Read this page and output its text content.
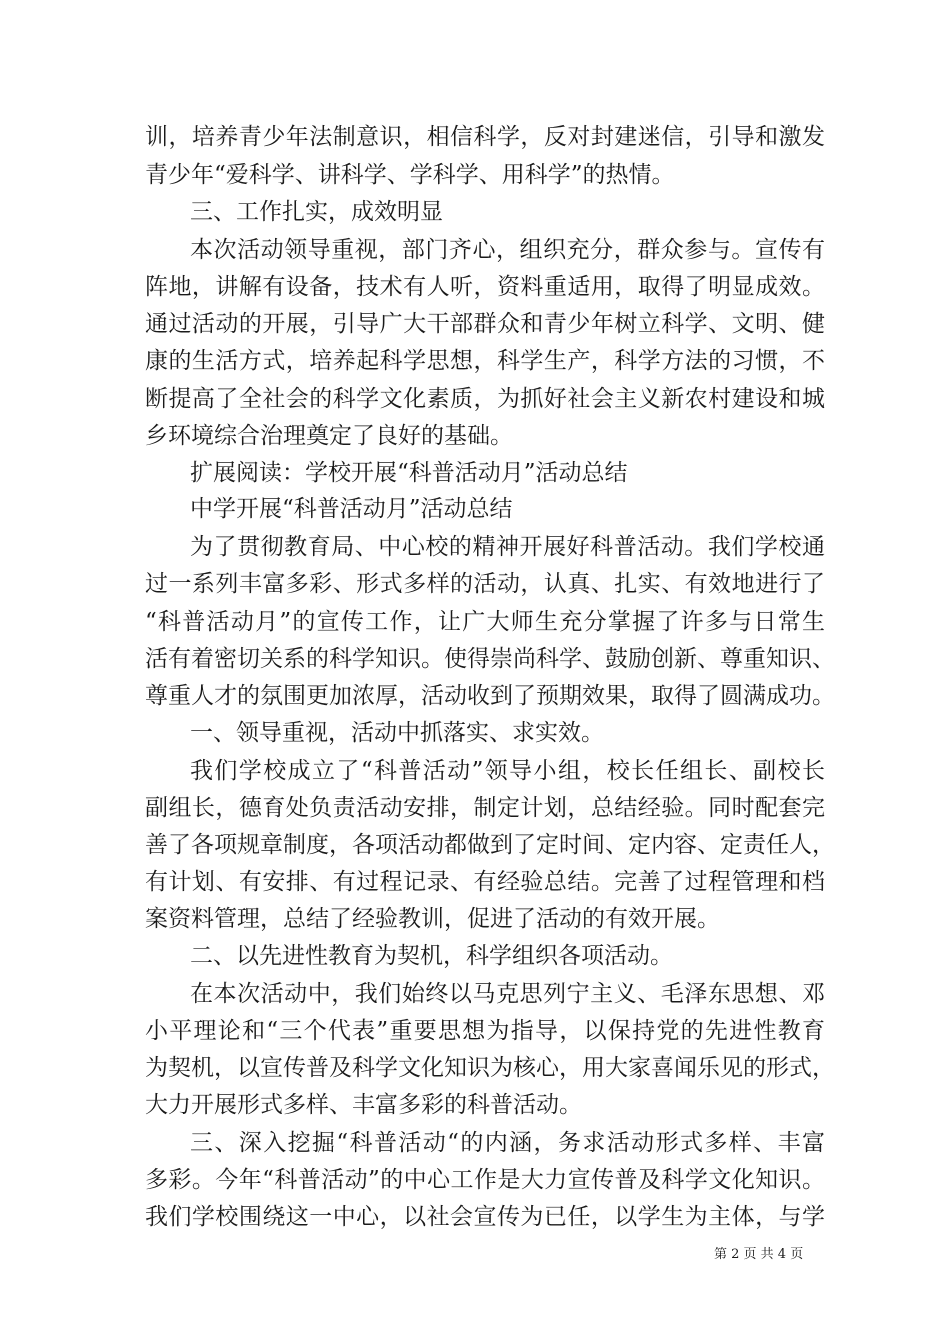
训，培养青少年法制意识，相信科学，反对封建迷信，引导和激发
青少年“爱科学、讲科学、学科学、用科学”的热情。
三、工作扎实，成效明显
本次活动领导重视，部门齐心，组织充分，群众参与。宣传有
阵地，讲解有设备，技术有人听，资料重适用，取得了明显成效。
通过活动的开展，引导广大干部群众和青少年树立科学、文明、健
康的生活方式，培养起科学思想，科学生产，科学方法的习惯，不
断提高了全社会的科学文化素质，为抓好社会主义新农村建设和城
乡环境综合治理奠定了良好的基础。
扩展阅读：学校开展“科普活动月”活动总结
中学开展“科普活动月”活动总结
为了贯彻教育局、中心校的精神开展好科普活动。我们学校通
过一系列丰富多彩、形式多样的活动，认真、扎实、有效地进行了
“科普活动月”的宣传工作，让广大师生充分掌握了许多与日常生
活有着密切关系的科学知识。使得崇尚科学、鼓励创新、尊重知识、
尊重人才的氛围更加浓厚，活动收到了预期效果，取得了圆满成功。
一、领导重视，活动中抓落实、求实效。
我们学校成立了“科普活动”领导小组，校长任组长、副校长
副组长，德育处负责活动安排，制定计划，总结经验。同时配套完
善了各项规章制度，各项活动都做到了定时间、定内容、定责任人，
有计划、有安排、有过程记录、有经验总结。完善了过程管理和档
案资料管理，总结了经验教训，促进了活动的有效开展。
二、以先进性教育为契机，科学组织各项活动。
在本次活动中，我们始终以马克思列宁主义、毛泽东思想、邓
小平理论和“三个代表”重要思想为指导，以保持党的先进性教育
为契机，以宣传普及科学文化知识为核心，用大家喜闻乐见的形式，
大力开展形式多样、丰富多彩的科普活动。
三、深入挖掘“科普活动“的内涵，务求活动形式多样、丰富
多彩。今年“科普活动”的中心工作是大力宣传普及科学文化知识。
我们学校围绕这一中心，以社会宣传为已任，以学生为主体，与学
第 2 页 共 4 页
